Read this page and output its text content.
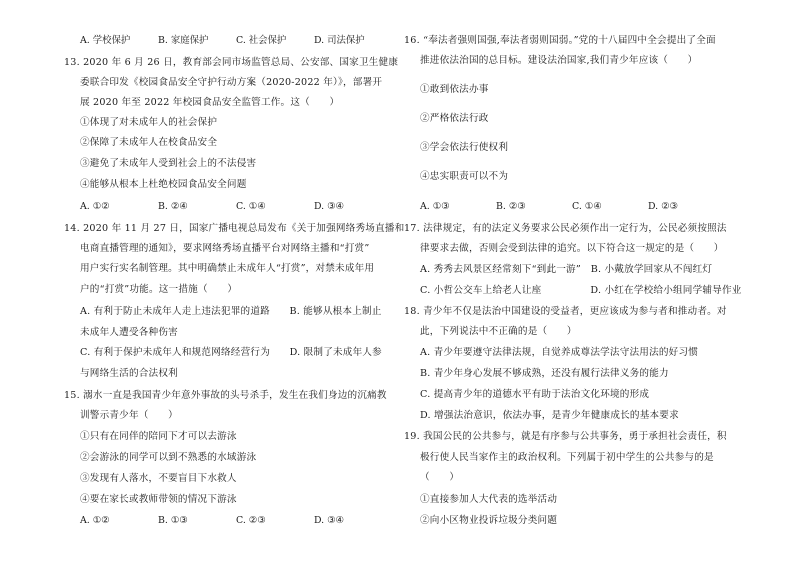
A. 学校保护	B. 家庭保护	C. 社会保护	D. 司法保护
13. 2020 年 6 月 26 日，教育部会同市场监管总局、公安部、国家卫生健康
委联合印发《校园食品安全守护行动方案（2020-2022 年）》，部署开
展 2020 年至 2022 年校园食品安全监管工作。这（　　）
①体现了对未成年人的社会保护
②保障了未成年人在校食品安全
③避免了未成年人受到社会上的不法侵害
④能够从根本上杜绝校园食品安全问题
A. ①②	B. ②④	C. ①④	D. ③④
14. 2020 年 11 月 27 日，国家广播电视总局发布《关于加强网络秀场直播和
电商直播管理的通知》，要求网络秀场直播平台对网络主播和“打赏”
用户实行实名制管理。其中明确禁止未成年人“打赏”，对禁未成年用
户的“打赏”功能。这一措施（　　）
A. 有利于防止未成年人走上违法犯罪的道路　　B. 能够从根本上制止
未成年人遭受各种伤害
C. 有利于保护未成年人和规范网络经营行为　　D. 限制了未成年人参
与网络生活的合法权利
15. 溺水一直是我国青少年意外事故的头号杀手，发生在我们身边的沉痛教
训警示青少年（　　）
①只有在同伴的陪同下才可以去游泳
②会游泳的同学可以到不熟悉的水域游泳
③发现有人落水，不要盲目下水救人
④要在家长或教师带领的情况下游泳
A. ①②	B. ①③	C. ②③	D. ③④
16. “奉法者强则国强,奉法者弱则国弱。”党的十八届四中全会提出了全面
推进依法治国的总目标。建设法治国家,我们青少年应该（　　）
①敢到依法办事
②严格依法行政
③学会依法行使权利
④忠实职责可以不为
A. ①③	B. ②③	C. ①④	D. ②③
17. 法律规定，有的法定义务要求公民必须作出一定行为，公民必须按照法
律要求去做，否则会受到法律的追究。以下符合这一规定的是（　　）
A. 秀秀去风景区经常刻下“到此一游”　B. 小戴放学回家从不闯红灯
C. 小哲公交车上给老人让座　　　　　D. 小红在学校给小组同学辅导作业
18. 青少年不仅是法治中国建设的受益者，更应该成为参与者和推动者。对
此，下列说法中不正确的是（　　）
A. 青少年要遵守法律法规，自觉养成尊法学法守法用法的好习惯
B. 青少年身心发展不够成熟，还没有履行法律义务的能力
C. 提高青少年的道德水平有助于法治文化环境的形成
D. 增强法治意识，依法办事，是青少年健康成长的基本要求
19. 我国公民的公共参与，就是有序参与公共事务，勇于承担社会责任，积
极行使人民当家作主的政治权利。下列属于初中学生的公共参与的是
（　　）
①直接参加人大代表的选举活动
②向小区物业投诉垃圾分类问题
